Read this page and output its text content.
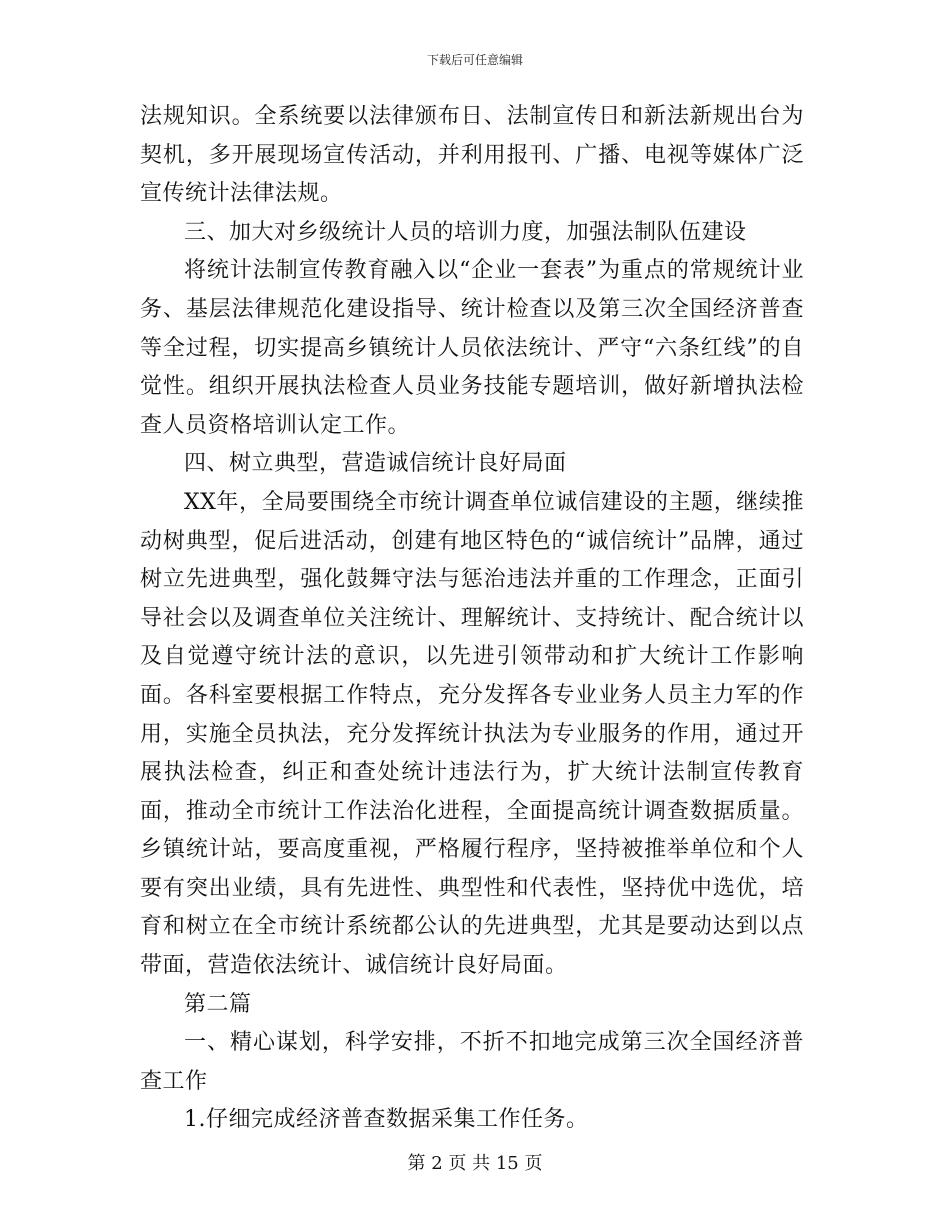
下载后可任意编辑

法规知识。全系统要以法律颁布日、法制宣传日和新法新规出台为契机，多开展现场宣传活动，并利用报刊、广播、电视等媒体广泛宣传统计法律法规。

三、加大对乡级统计人员的培训力度，加强法制队伍建设

将统计法制宣传教育融入以“企业一套表”为重点的常规统计业务、基层法律规范化建设指导、统计检查以及第三次全国经济普查等全过程，切实提高乡镇统计人员依法统计、严守“六条红线”的自觉性。组织开展执法检查人员业务技能专题培训，做好新增执法检查人员资格培训认定工作。

四、树立典型，营造诚信统计良好局面

XX年，全局要围绕全市统计调查单位诚信建设的主题，继续推动树典型，促后进活动，创建有地区特色的“诚信统计”品牌，通过树立先进典型，强化鼓舞守法与惩治违法并重的工作理念，正面引导社会以及调查单位关注统计、理解统计、支持统计、配合统计以及自觉遵守统计法的意识，以先进引领带动和扩大统计工作影响面。各科室要根据工作特点，充分发挥各专业业务人员主力军的作用，实施全员执法，充分发挥统计执法为专业服务的作用，通过开展执法检查，纠正和查处统计违法行为，扩大统计法制宣传教育面，推动全市统计工作法治化进程，全面提高统计调查数据质量。乡镇统计站，要高度重视，严格履行程序，坚持被推举单位和个人要有突出业绩，具有先进性、典型性和代表性，坚持优中选优，培育和树立在全市统计系统都公认的先进典型，尤其是要动达到以点带面，营造依法统计、诚信统计良好局面。

第二篇

一、精心谋划，科学安排，不折不扣地完成第三次全国经济普查工作

1.仔细完成经济普查数据采集工作任务。

第 2 页 共 15 页
